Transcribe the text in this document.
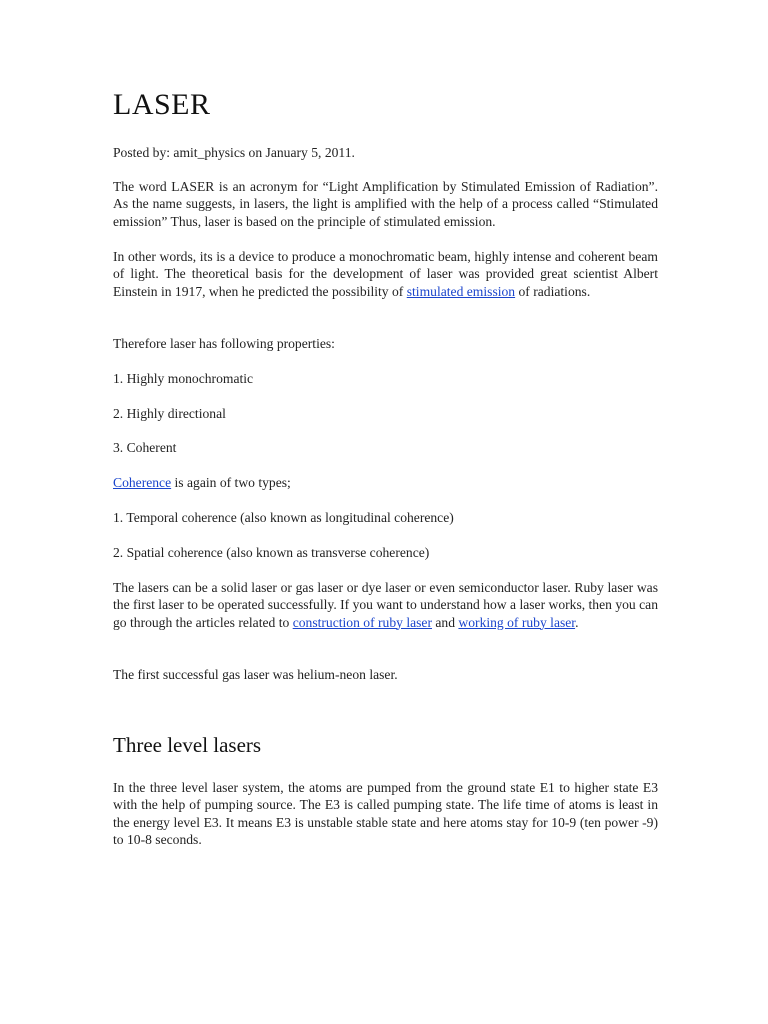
LASER

Posted by: amit_physics on January 5, 2011.

The word LASER is an acronym for “Light Amplification by Stimulated Emission of Radiation”. As the name suggests, in lasers, the light is amplified with the help of a process called “Stimulated emission” Thus, laser is based on the principle of stimulated emission.

In other words, its is a device to produce a monochromatic beam, highly intense and coherent beam of light. The theoretical basis for the development of laser was provided great scientist Albert Einstein in 1917, when he predicted the possibility of stimulated emission of radiations.

Therefore laser has following properties:

1. Highly monochromatic

2. Highly directional

3. Coherent

Coherence is again of two types;

1. Temporal coherence (also known as longitudinal coherence)

2. Spatial coherence (also known as transverse coherence)

The lasers can be a solid laser or gas laser or dye laser or even semiconductor laser. Ruby laser was the first laser to be operated successfully. If you want to understand how a laser works, then you can go through the articles related to construction of ruby laser and working of ruby laser.

The first successful gas laser was helium-neon laser.

Three level lasers

In the three level laser system, the atoms are pumped from the ground state E1 to higher state E3 with the help of pumping source. The E3 is called pumping state. The life time of atoms is least in the energy level E3. It means E3 is unstable stable state and here atoms stay for 10-9 (ten power -9) to 10-8 seconds.
